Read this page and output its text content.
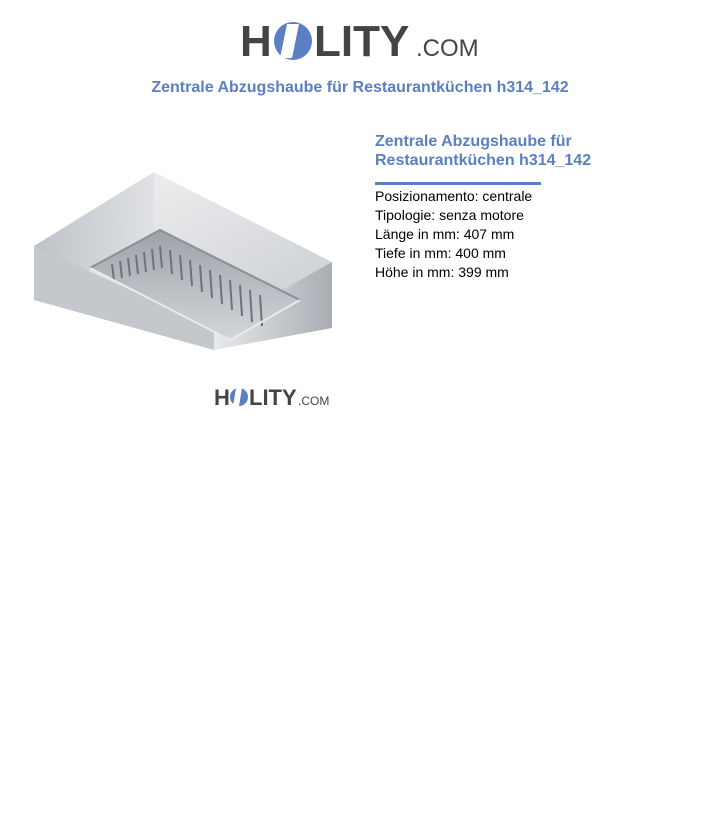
H LITY .COM
Zentrale Abzugshaube für Restaurantküchen h314_142
H LITY .COM
Zentrale Abzugshaube für
Restaurantküchen h314_142
Posizionamento: centrale
Tipologie: senza motore
Länge in mm: 407 mm
Tiefe in mm: 400 mm
Höhe in mm: 399 mm
